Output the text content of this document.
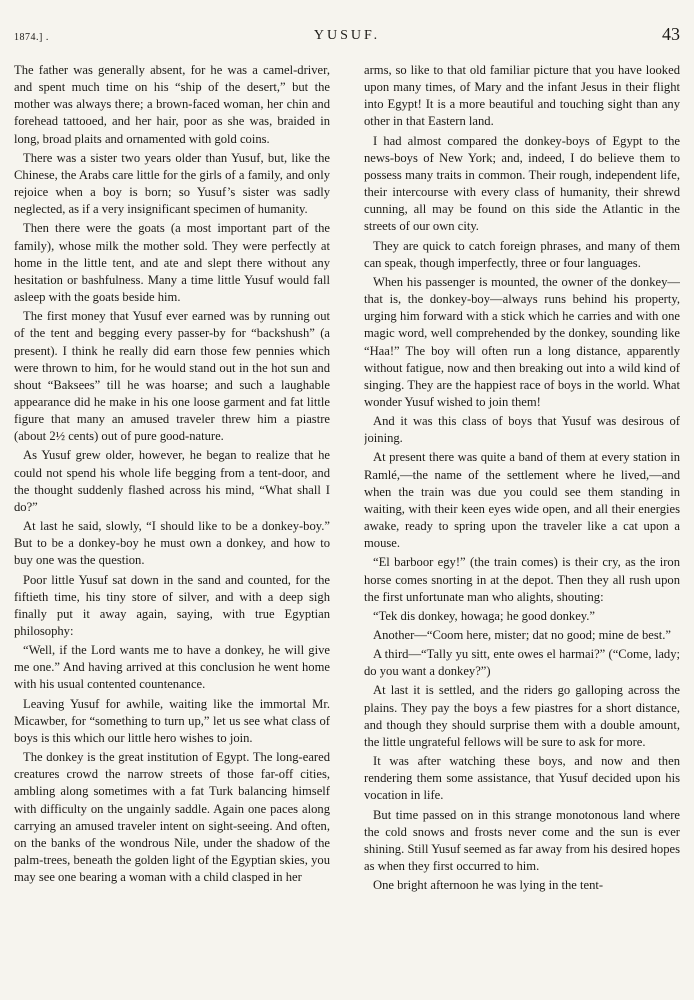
1874.] .	YUSUF.	43

The father was generally absent, for he was a camel-driver, and spent much time on his “ship of the desert,” but the mother was always there; a brown-faced woman, her chin and forehead tattooed, and her hair, poor as she was, braided in long, broad plaits and ornamented with gold coins.

There was a sister two years older than Yusuf, but, like the Chinese, the Arabs care little for the girls of a family, and only rejoice when a boy is born; so Yusuf’s sister was sadly neglected, as if a very insignificant specimen of humanity.

Then there were the goats (a most important part of the family), whose milk the mother sold. They were perfectly at home in the little tent, and ate and slept there without any hesitation or bashfulness. Many a time little Yusuf would fall asleep with the goats beside him.

The first money that Yusuf ever earned was by running out of the tent and begging every passer-by for “backshush” (a present). I think he really did earn those few pennies which were thrown to him, for he would stand out in the hot sun and shout “Baksees” till he was hoarse; and such a laughable appearance did he make in his one loose garment and fat little figure that many an amused traveler threw him a piastre (about 2½ cents) out of pure good-nature.

As Yusuf grew older, however, he began to realize that he could not spend his whole life begging from a tent-door, and the thought suddenly flashed across his mind, “What shall I do?”

At last he said, slowly, “I should like to be a donkey-boy.” But to be a donkey-boy he must own a donkey, and how to buy one was the question.

Poor little Yusuf sat down in the sand and counted, for the fiftieth time, his tiny store of silver, and with a deep sigh finally put it away again, saying, with true Egyptian philosophy:

“Well, if the Lord wants me to have a donkey, he will give me one.” And having arrived at this conclusion he went home with his usual contented countenance.

Leaving Yusuf for awhile, waiting like the immortal Mr. Micawber, for “something to turn up,” let us see what class of boys is this which our little hero wishes to join.

The donkey is the great institution of Egypt. The long-eared creatures crowd the narrow streets of those far-off cities, ambling along sometimes with a fat Turk balancing himself with difficulty on the ungainly saddle. Again one paces along carrying an amused traveler intent on sight-seeing. And often, on the banks of the wondrous Nile, under the shadow of the palm-trees, beneath the golden light of the Egyptian skies, you may see one bearing a woman with a child clasped in her

arms, so like to that old familiar picture that you have looked upon many times, of Mary and the infant Jesus in their flight into Egypt! It is a more beautiful and touching sight than any other in that Eastern land.

I had almost compared the donkey-boys of Egypt to the news-boys of New York; and, indeed, I do believe them to possess many traits in common. Their rough, independent life, their intercourse with every class of humanity, their shrewd cunning, all may be found on this side the Atlantic in the streets of our own city.

They are quick to catch foreign phrases, and many of them can speak, though imperfectly, three or four languages.

When his passenger is mounted, the owner of the donkey—that is, the donkey-boy—always runs behind his property, urging him forward with a stick which he carries and with one magic word, well comprehended by the donkey, sounding like “Haa!” The boy will often run a long distance, apparently without fatigue, now and then breaking out into a wild kind of singing. They are the happiest race of boys in the world. What wonder Yusuf wished to join them!

And it was this class of boys that Yusuf was desirous of joining.

At present there was quite a band of them at every station in Ramlé,—the name of the settlement where he lived,—and when the train was due you could see them standing in waiting, with their keen eyes wide open, and all their energies awake, ready to spring upon the traveler like a cat upon a mouse.

“El barboor egy!” (the train comes) is their cry, as the iron horse comes snorting in at the depot. Then they all rush upon the first unfortunate man who alights, shouting:

“Tek dis donkey, howaga; he good donkey.”

Another—“Coom here, mister; dat no good; mine de best.”

A third—“Tally yu sitt, ente owes el harmai?” (“Come, lady; do you want a donkey?”)

At last it is settled, and the riders go galloping across the plains. They pay the boys a few piastres for a short distance, and though they should surprise them with a double amount, the little ungrateful fellows will be sure to ask for more.

It was after watching these boys, and now and then rendering them some assistance, that Yusuf decided upon his vocation in life.

But time passed on in this strange monotonous land where the cold snows and frosts never come and the sun is ever shining. Still Yusuf seemed as far away from his desired hopes as when they first occurred to him.

One bright afternoon he was lying in the tent-
